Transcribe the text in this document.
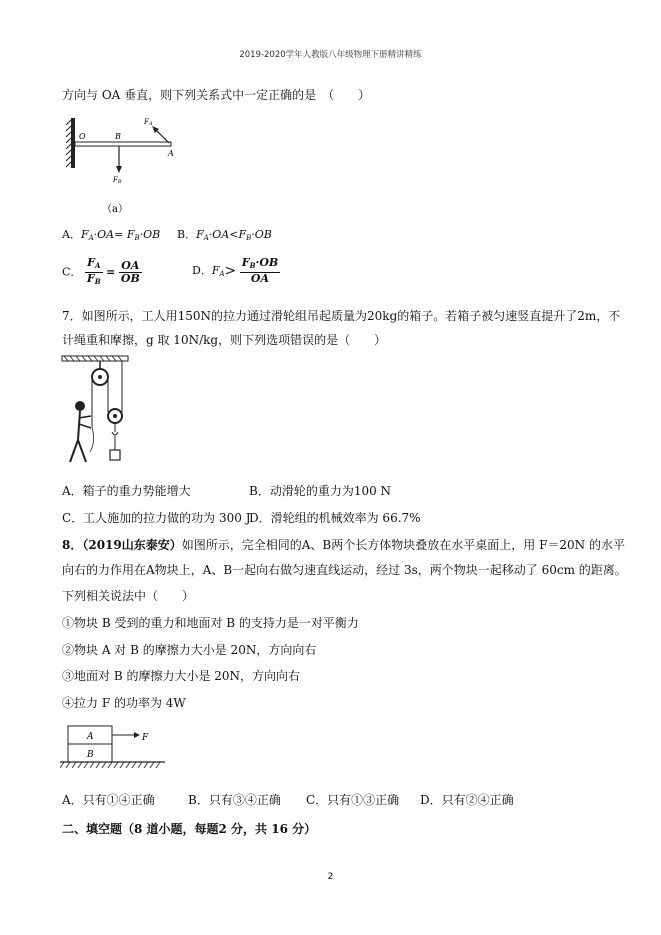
2019-2020学年人教版八年级物理下册精讲精练
方向与 OA 垂直，则下列关系式中一定正确的是　（　　）
O	B
A
FA
FB
（a）
A．$F_A\cdot OA= F_B\cdot OB$ B．$F_A\cdot OA<F_B\cdot OB$
C． $\frac{F_A}{F_B} = \frac{OA}{OB}$	D．$F_A> \frac{F_B\cdot OB}{OA}$
7．如图所示，工人用150N的拉力通过滑轮组吊起质量为20kg的箱子。若箱子被匀速竖直提升了2m，不
计绳重和摩擦，g 取 10N/kg，则下列选项错误的是（　　）
A．箱子的重力势能增大	B．动滑轮的重力为100 N
C．工人施加的拉力做的功为 300 J
D．滑轮组的机械效率为 66.7%
8．（2019山东泰安）如图所示，完全相同的A、B两个长方体物块叠放在水平桌面上，用 F＝20N 的水平
向右的力作用在A物块上，A、B一起向右做匀速直线运动，经过 3s，两个物块一起移动了 60cm 的距离。
下列相关说法中（　　）
①物块 B 受到的重力和地面对 B 的支持力是一对平衡力
②物块 A 对 B 的摩擦力大小是 20N，方向向右
③地面对 B 的摩擦力大小是 20N，方向向右
④拉力 F 的功率为 4W
A
B
F
A．只有①④正确	B．只有③④正确 C．只有①③正确 D．只有②④正确
二、填空题（8 道小题，每题2 分，共 16 分）
2
